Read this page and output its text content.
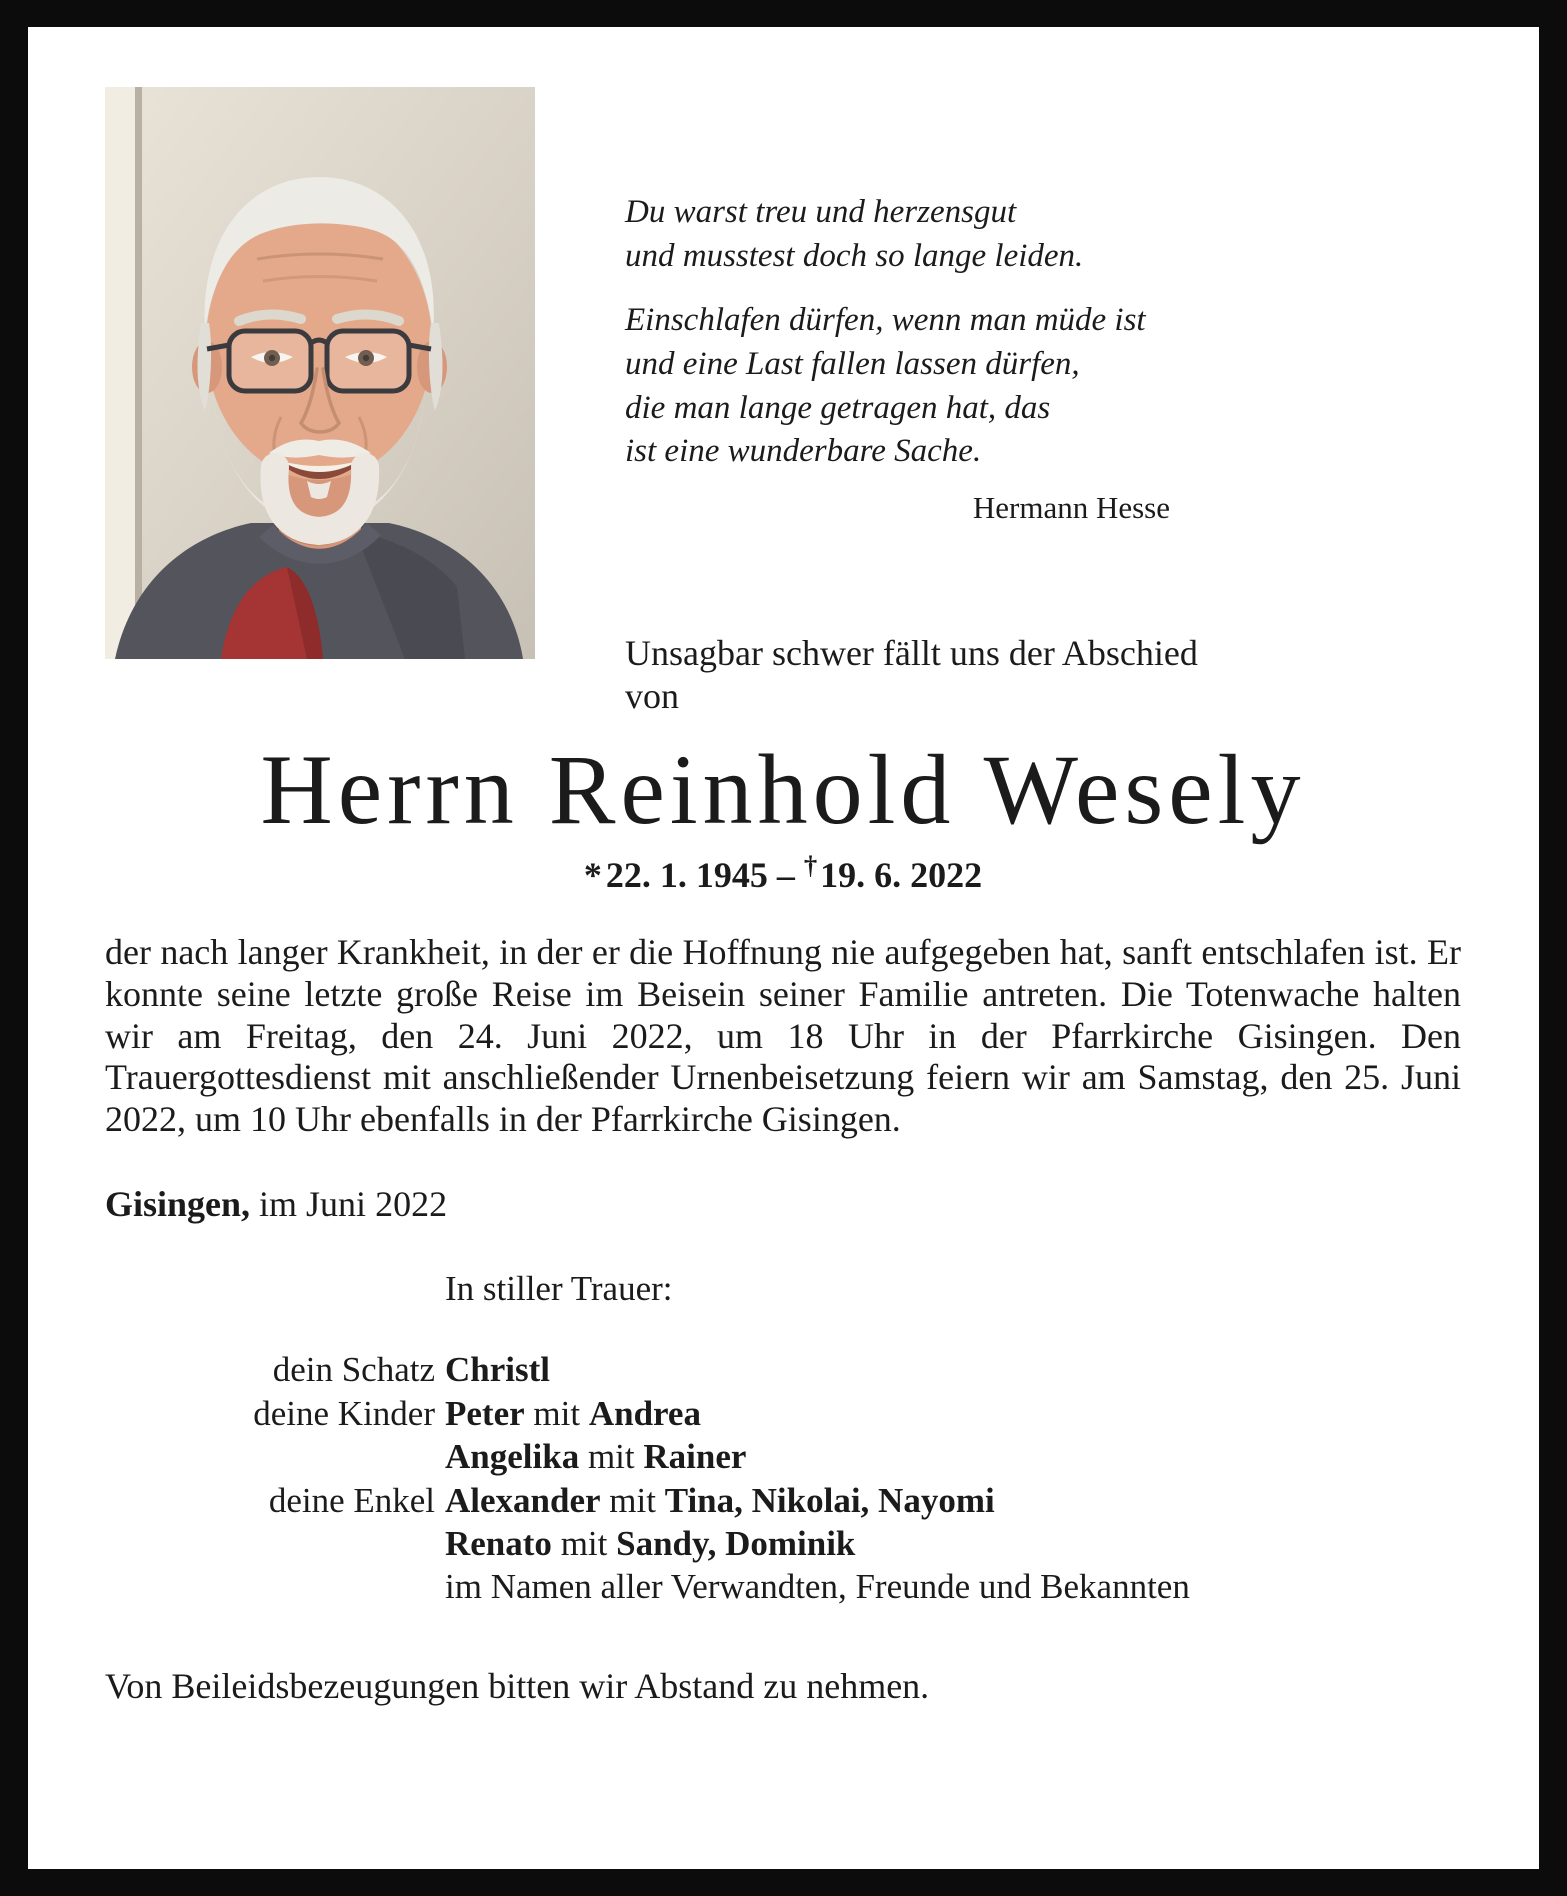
Du warst treu und herzensgut
und musstest doch so lange leiden.

Einschlafen dürfen, wenn man müde ist
und eine Last fallen lassen dürfen,
die man lange getragen hat, das
ist eine wunderbare Sache.

Hermann Hesse
Unsagbar schwer fällt uns der Abschied
von
Herrn Reinhold Wesely
* 22. 1. 1945 – †19. 6. 2022

der nach langer Krankheit, in der er die Hoffnung nie aufgegeben hat, sanft entschlafen ist. Er konnte seine letzte große Reise im Beisein seiner Familie antreten. Die Totenwache halten wir am Freitag, den 24. Juni 2022, um 18 Uhr in der Pfarrkirche Gisingen. Den Trauergottesdienst mit anschließender Urnenbeisetzung feiern wir am Samstag, den 25. Juni 2022, um 10 Uhr ebenfalls in der Pfarrkirche Gisingen.

Gisingen, im Juni 2022

In stiller Trauer:
dein Schatz Christl
deine Kinder Peter mit Andrea
Angelika mit Rainer
deine Enkel Alexander mit Tina, Nikolai, Nayomi
Renato mit Sandy, Dominik
im Namen aller Verwandten, Freunde und Bekannten

Von Beileidsbezeugungen bitten wir Abstand zu nehmen.
